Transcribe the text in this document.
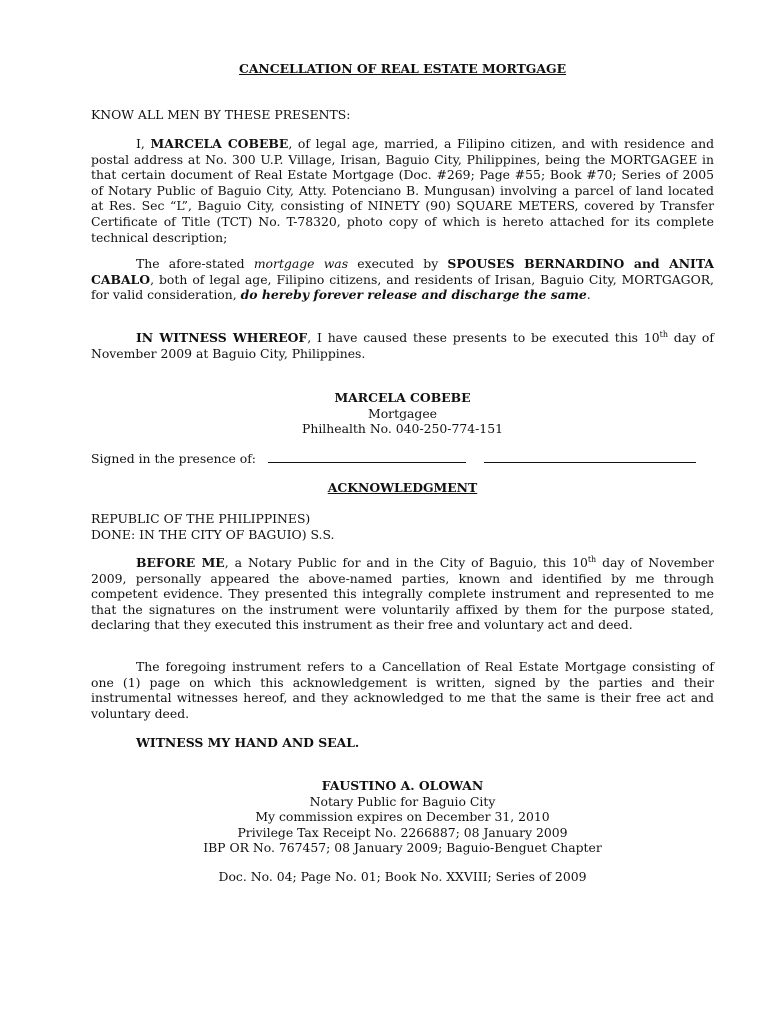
CANCELLATION OF REAL ESTATE MORTGAGE
KNOW ALL MEN BY THESE PRESENTS:
I, MARCELA COBEBE, of legal age, married, a Filipino citizen, and with residence and postal address at No. 300 U.P. Village, Irisan, Baguio City, Philippines, being the MORTGAGEE in that certain document of Real Estate Mortgage (Doc. #269; Page #55; Book #70; Series of 2005 of Notary Public of Baguio City, Atty. Potenciano B. Mungusan) involving a parcel of land located at Res. Sec “L”, Baguio City, consisting of NINETY (90) SQUARE METERS, covered by Transfer Certificate of Title (TCT) No. T-78320, photo copy of which is hereto attached for its complete technical description;
The afore-stated mortgage was executed by SPOUSES BERNARDINO and ANITA CABALO, both of legal age, Filipino citizens, and residents of Irisan, Baguio City, MORTGAGOR, for valid consideration, do hereby forever release and discharge the same.
IN WITNESS WHEREOF, I have caused these presents to be executed this 10th day of November 2009 at Baguio City, Philippines.
MARCELA COBEBE
Mortgagee
Philhealth No. 040-250-774-151
Signed in the presence of:
ACKNOWLEDGMENT
REPUBLIC OF THE PHILIPPINES)
DONE: IN THE CITY OF BAGUIO) S.S.
BEFORE ME, a Notary Public for and in the City of Baguio, this 10th day of November 2009, personally appeared the above-named parties, known and identified by me through competent evidence. They presented this integrally complete instrument and represented to me that the signatures on the instrument were voluntarily affixed by them for the purpose stated, declaring that they executed this instrument as their free and voluntary act and deed.
The foregoing instrument refers to a Cancellation of Real Estate Mortgage consisting of one (1) page on which this acknowledgement is written, signed by the parties and their instrumental witnesses hereof, and they acknowledged to me that the same is their free act and voluntary deed.
WITNESS MY HAND AND SEAL.
FAUSTINO A. OLOWAN
Notary Public for Baguio City
My commission expires on December 31, 2010
Privilege Tax Receipt No. 2266887; 08 January 2009
IBP OR No. 767457; 08 January 2009; Baguio-Benguet Chapter
Doc. No. 04; Page No. 01; Book No. XXVIII; Series of 2009
